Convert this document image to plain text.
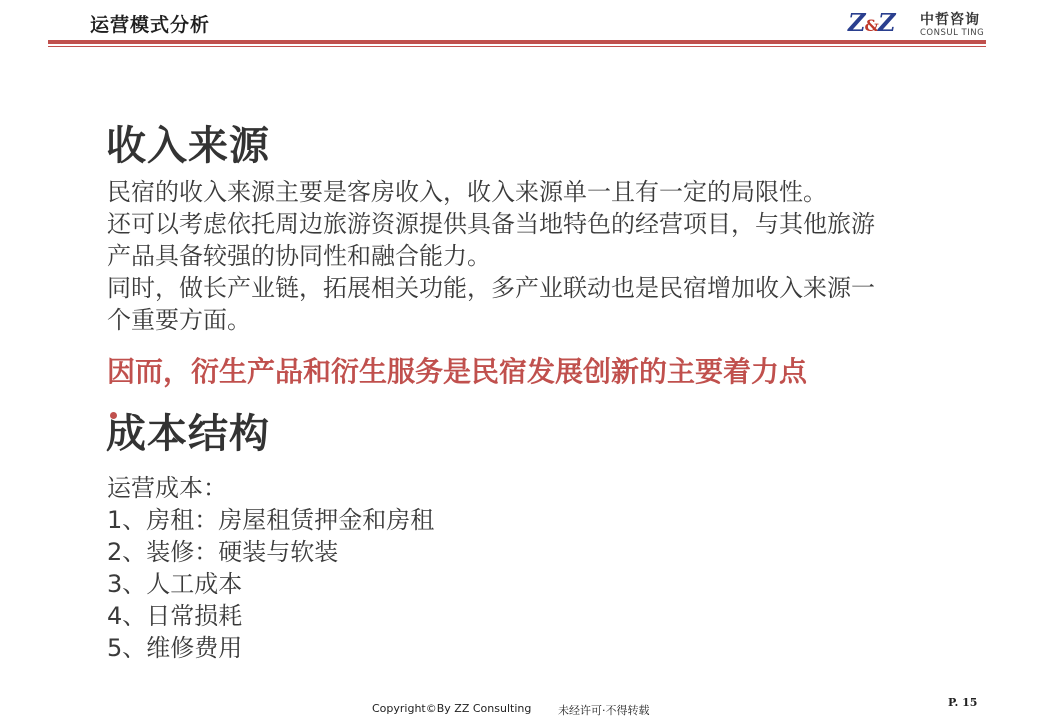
运营模式分析	Z&Z 中哲咨询
CONSUL TING
收入来源
民宿的收入来源主要是客房收入，收入来源单一且有一定的局限性。
还可以考虑依托周边旅游资源提供具备当地特色的经营项目，与其他旅游
产品具备较强的协同性和融合能力。
同时，做长产业链，拓展相关功能，多产业联动也是民宿增加收入来源一
个重要方面。
因而，衍生产品和衍生服务是民宿发展创新的主要着力点
成本结构
运营成本：
1、房租：房屋租赁押金和房租
2、装修：硬装与软装
3、人工成本
4、日常损耗
5、维修费用
Copyright©By ZZ Consulting 未经许可·不得转载
P. 15
